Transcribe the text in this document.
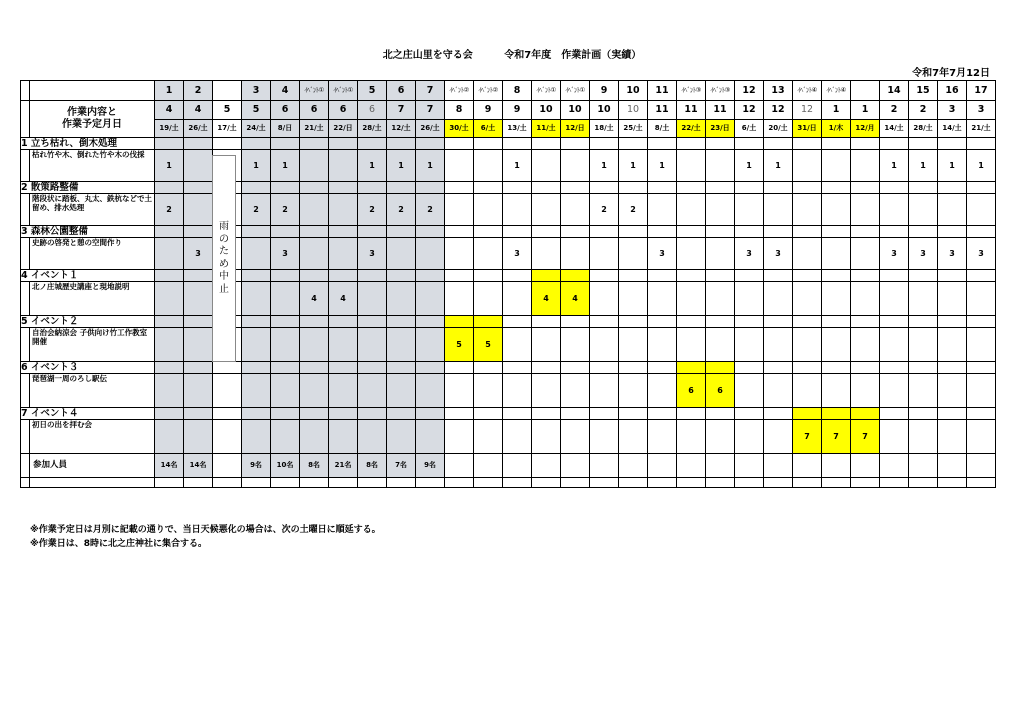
北之庄山里を守る会	令和7年度　作業計画（実績）
令和7年7月12日
		1	2		3	4	ｲﾍﾞﾝﾄ①	ｲﾍﾞﾝﾄ①	5	6	7	ｲﾍﾞﾝﾄ②	ｲﾍﾞﾝﾄ②	8	ｲﾍﾞﾝﾄ①	ｲﾍﾞﾝﾄ①	9	10	11	ｲﾍﾞﾝﾄ③	ｲﾍﾞﾝﾄ③	12	13	ｲﾍﾞﾝﾄ④	ｲﾍﾞﾝﾄ④		14	15	16	17

	作業内容と
作業予定月日	4	4	5	5	6	6	6	6	7	7	8	9	9	10	10	10	10	11	11	11	12	12	12	1	1	2	2	3	3
		19/土	26/土	17/土	24/土	8/日	21/土	22/日	28/土	12/土	26/土	30/土	6/土	13/土	11/土	12/日	18/土	25/土	8/土	22/土	23/日	6/土	20/土	31/日	1/木	12/月	14/土	28/土	14/土	21/土
1 立ち枯れ、倒木処理																														
	枯れ竹や木、倒れた竹や木の伐採	1			1	1			1	1	1			1			1	1	1			1	1				1	1	1	1
2 散策路整備																														
	階段状に踏板、丸太、鉄杭などで土留め、排水処理	2			2	2			2	2	2						2	2												
3 森林公園整備																														
	史跡の啓発と憩の空間作り		3			3			3					3					3			3	3				3	3	3	3
4 イベント１																														
	北ノ庄城歴史講座と現地説明						4	4							4	4														
5 イベント２																														
	自治会納涼会 子供向け竹工作教室開催											5	5																	
6 イベント３																														
	琵琶湖一周のろし駅伝																			6	6									
7 イベント４																														
	初日の出を拝む会																							7	7	7				
	参加人員	14名	14名		9名	10名	8名	21名	8名	7名	9名																			

雨
の
た
め
中
止
※作業予定日は月別に記載の通りで、当日天候悪化の場合は、次の土曜日に順延する。
※作業日は、8時に北之庄神社に集合する。
